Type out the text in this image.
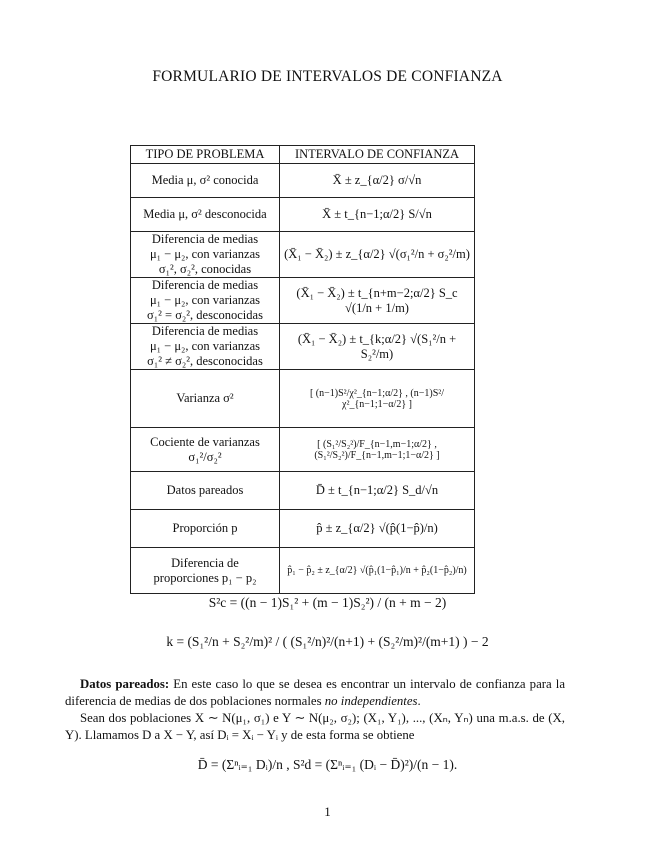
FORMULARIO DE INTERVALOS DE CONFIANZA
TIPO DE PROBLEMA	INTERVALO DE CONFIANZA
Media μ, σ² conocida	X̄ ± z_{α/2} σ/√n
Media μ, σ² desconocida	X̄ ± t_{n−1;α/2} S/√n

Diferencia de medias
μ₁ − μ₂, con varianzas
σ₁², σ₂², conocidas	(X̄₁ − X̄₂) ± z_{α/2} √(σ₁²/n + σ₂²/m)

Diferencia de medias
μ₁ − μ₂, con varianzas
σ₁² = σ₂², desconocidas	(X̄₁ − X̄₂) ± t_{n+m−2;α/2} S_c √(1/n + 1/m)

Diferencia de medias
μ₁ − μ₂, con varianzas
σ₁² ≠ σ₂², desconocidas	(X̄₁ − X̄₂) ± t_{k;α/2} √(S₁²/n + S₂²/m)
Varianza σ²	[ (n−1)S²/χ²_{n−1;α/2} , (n−1)S²/χ²_{n−1;1−α/2} ]

Cociente de varianzas
σ₁²/σ₂²	[ (S₁²/S₂²)/F_{n−1,m−1;α/2} , (S₁²/S₂²)/F_{n−1,m−1;1−α/2} ]
Datos pareados	D̄ ± t_{n−1;α/2} S_d/√n
Proporción p	p̂ ± z_{α/2} √(p̂(1−p̂)/n)

Diferencia de
proporciones p₁ − p₂	p̂₁ − p̂₂ ± z_{α/2} √(p̂₁(1−p̂₁)/n + p̂₂(1−p̂₂)/n)
S²c = ((n − 1)S₁² + (m − 1)S₂²) / (n + m − 2)
k = (S₁²/n + S₂²/m)² / ( (S₁²/n)²/(n+1) + (S₂²/m)²/(m+1) ) − 2
Datos pareados: En este caso lo que se desea es encontrar un intervalo de confianza para la diferencia de medias de dos poblaciones normales no independientes.
Sean dos poblaciones X ∼ N(μ₁, σ₁) e Y ∼ N(μ₂, σ₂); (X₁, Y₁), ..., (Xₙ, Yₙ) una m.a.s. de (X, Y). Llamamos D a X − Y, así Dᵢ = Xᵢ − Yᵢ y de esta forma se obtiene
D̄ = (Σⁿᵢ₌₁ Dᵢ)/n , S²d = (Σⁿᵢ₌₁ (Dᵢ − D̄)²)/(n − 1).
1
